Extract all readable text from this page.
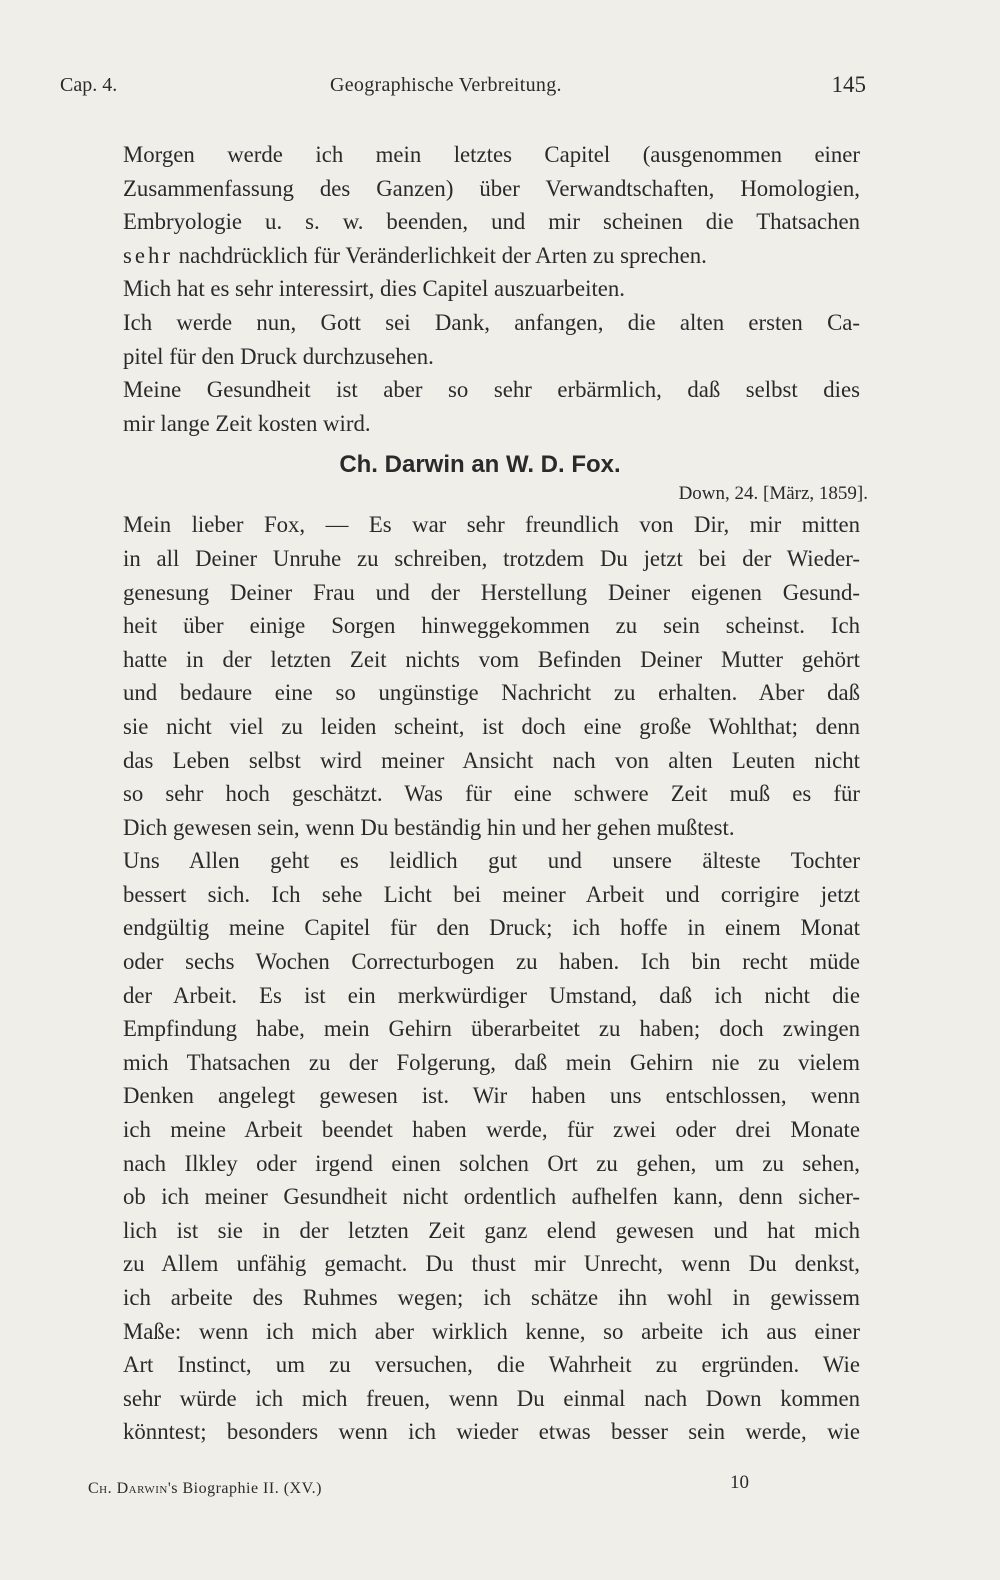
Cap. 4.	Geographische Verbreitung.	145

Morgen werde ich mein letztes Capitel (ausgenommen einer
Zusammenfassung des Ganzen) über Verwandtschaften, Homologien,
Embryologie u. s. w. beenden, und mir scheinen die Thatsachen
sehr nachdrücklich für Veränderlichkeit der Arten zu sprechen.

Mich hat es sehr interessirt, dies Capitel auszuarbeiten.

Ich werde nun, Gott sei Dank, anfangen, die alten ersten Ca-
pitel für den Druck durchzusehen.

Meine Gesundheit ist aber so sehr erbärmlich, daß selbst dies
mir lange Zeit kosten wird.

Ch. Darwin an W. D. Fox.
Down, 24. [März, 1859].

Mein lieber Fox, — Es war sehr freundlich von Dir, mir mitten
in all Deiner Unruhe zu schreiben, trotzdem Du jetzt bei der Wieder-
genesung Deiner Frau und der Herstellung Deiner eigenen Gesund-
heit über einige Sorgen hinweggekommen zu sein scheinst. Ich
hatte in der letzten Zeit nichts vom Befinden Deiner Mutter gehört
und bedaure eine so ungünstige Nachricht zu erhalten. Aber daß
sie nicht viel zu leiden scheint, ist doch eine große Wohlthat; denn
das Leben selbst wird meiner Ansicht nach von alten Leuten nicht
so sehr hoch geschätzt. Was für eine schwere Zeit muß es für
Dich gewesen sein, wenn Du beständig hin und her gehen mußtest.

Uns Allen geht es leidlich gut und unsere älteste Tochter
bessert sich. Ich sehe Licht bei meiner Arbeit und corrigire jetzt
endgültig meine Capitel für den Druck; ich hoffe in einem Monat
oder sechs Wochen Correcturbogen zu haben. Ich bin recht müde
der Arbeit. Es ist ein merkwürdiger Umstand, daß ich nicht die
Empfindung habe, mein Gehirn überarbeitet zu haben; doch zwingen
mich Thatsachen zu der Folgerung, daß mein Gehirn nie zu vielem
Denken angelegt gewesen ist. Wir haben uns entschlossen, wenn
ich meine Arbeit beendet haben werde, für zwei oder drei Monate
nach Ilkley oder irgend einen solchen Ort zu gehen, um zu sehen,
ob ich meiner Gesundheit nicht ordentlich aufhelfen kann, denn sicher-
lich ist sie in der letzten Zeit ganz elend gewesen und hat mich
zu Allem unfähig gemacht. Du thust mir Unrecht, wenn Du denkst,
ich arbeite des Ruhmes wegen; ich schätze ihn wohl in gewissem
Maße: wenn ich mich aber wirklich kenne, so arbeite ich aus einer
Art Instinct, um zu versuchen, die Wahrheit zu ergründen. Wie
sehr würde ich mich freuen, wenn Du einmal nach Down kommen
könntest; besonders wenn ich wieder etwas besser sein werde, wie

Ch. Darwin's Biographie II. (XV.)	10
